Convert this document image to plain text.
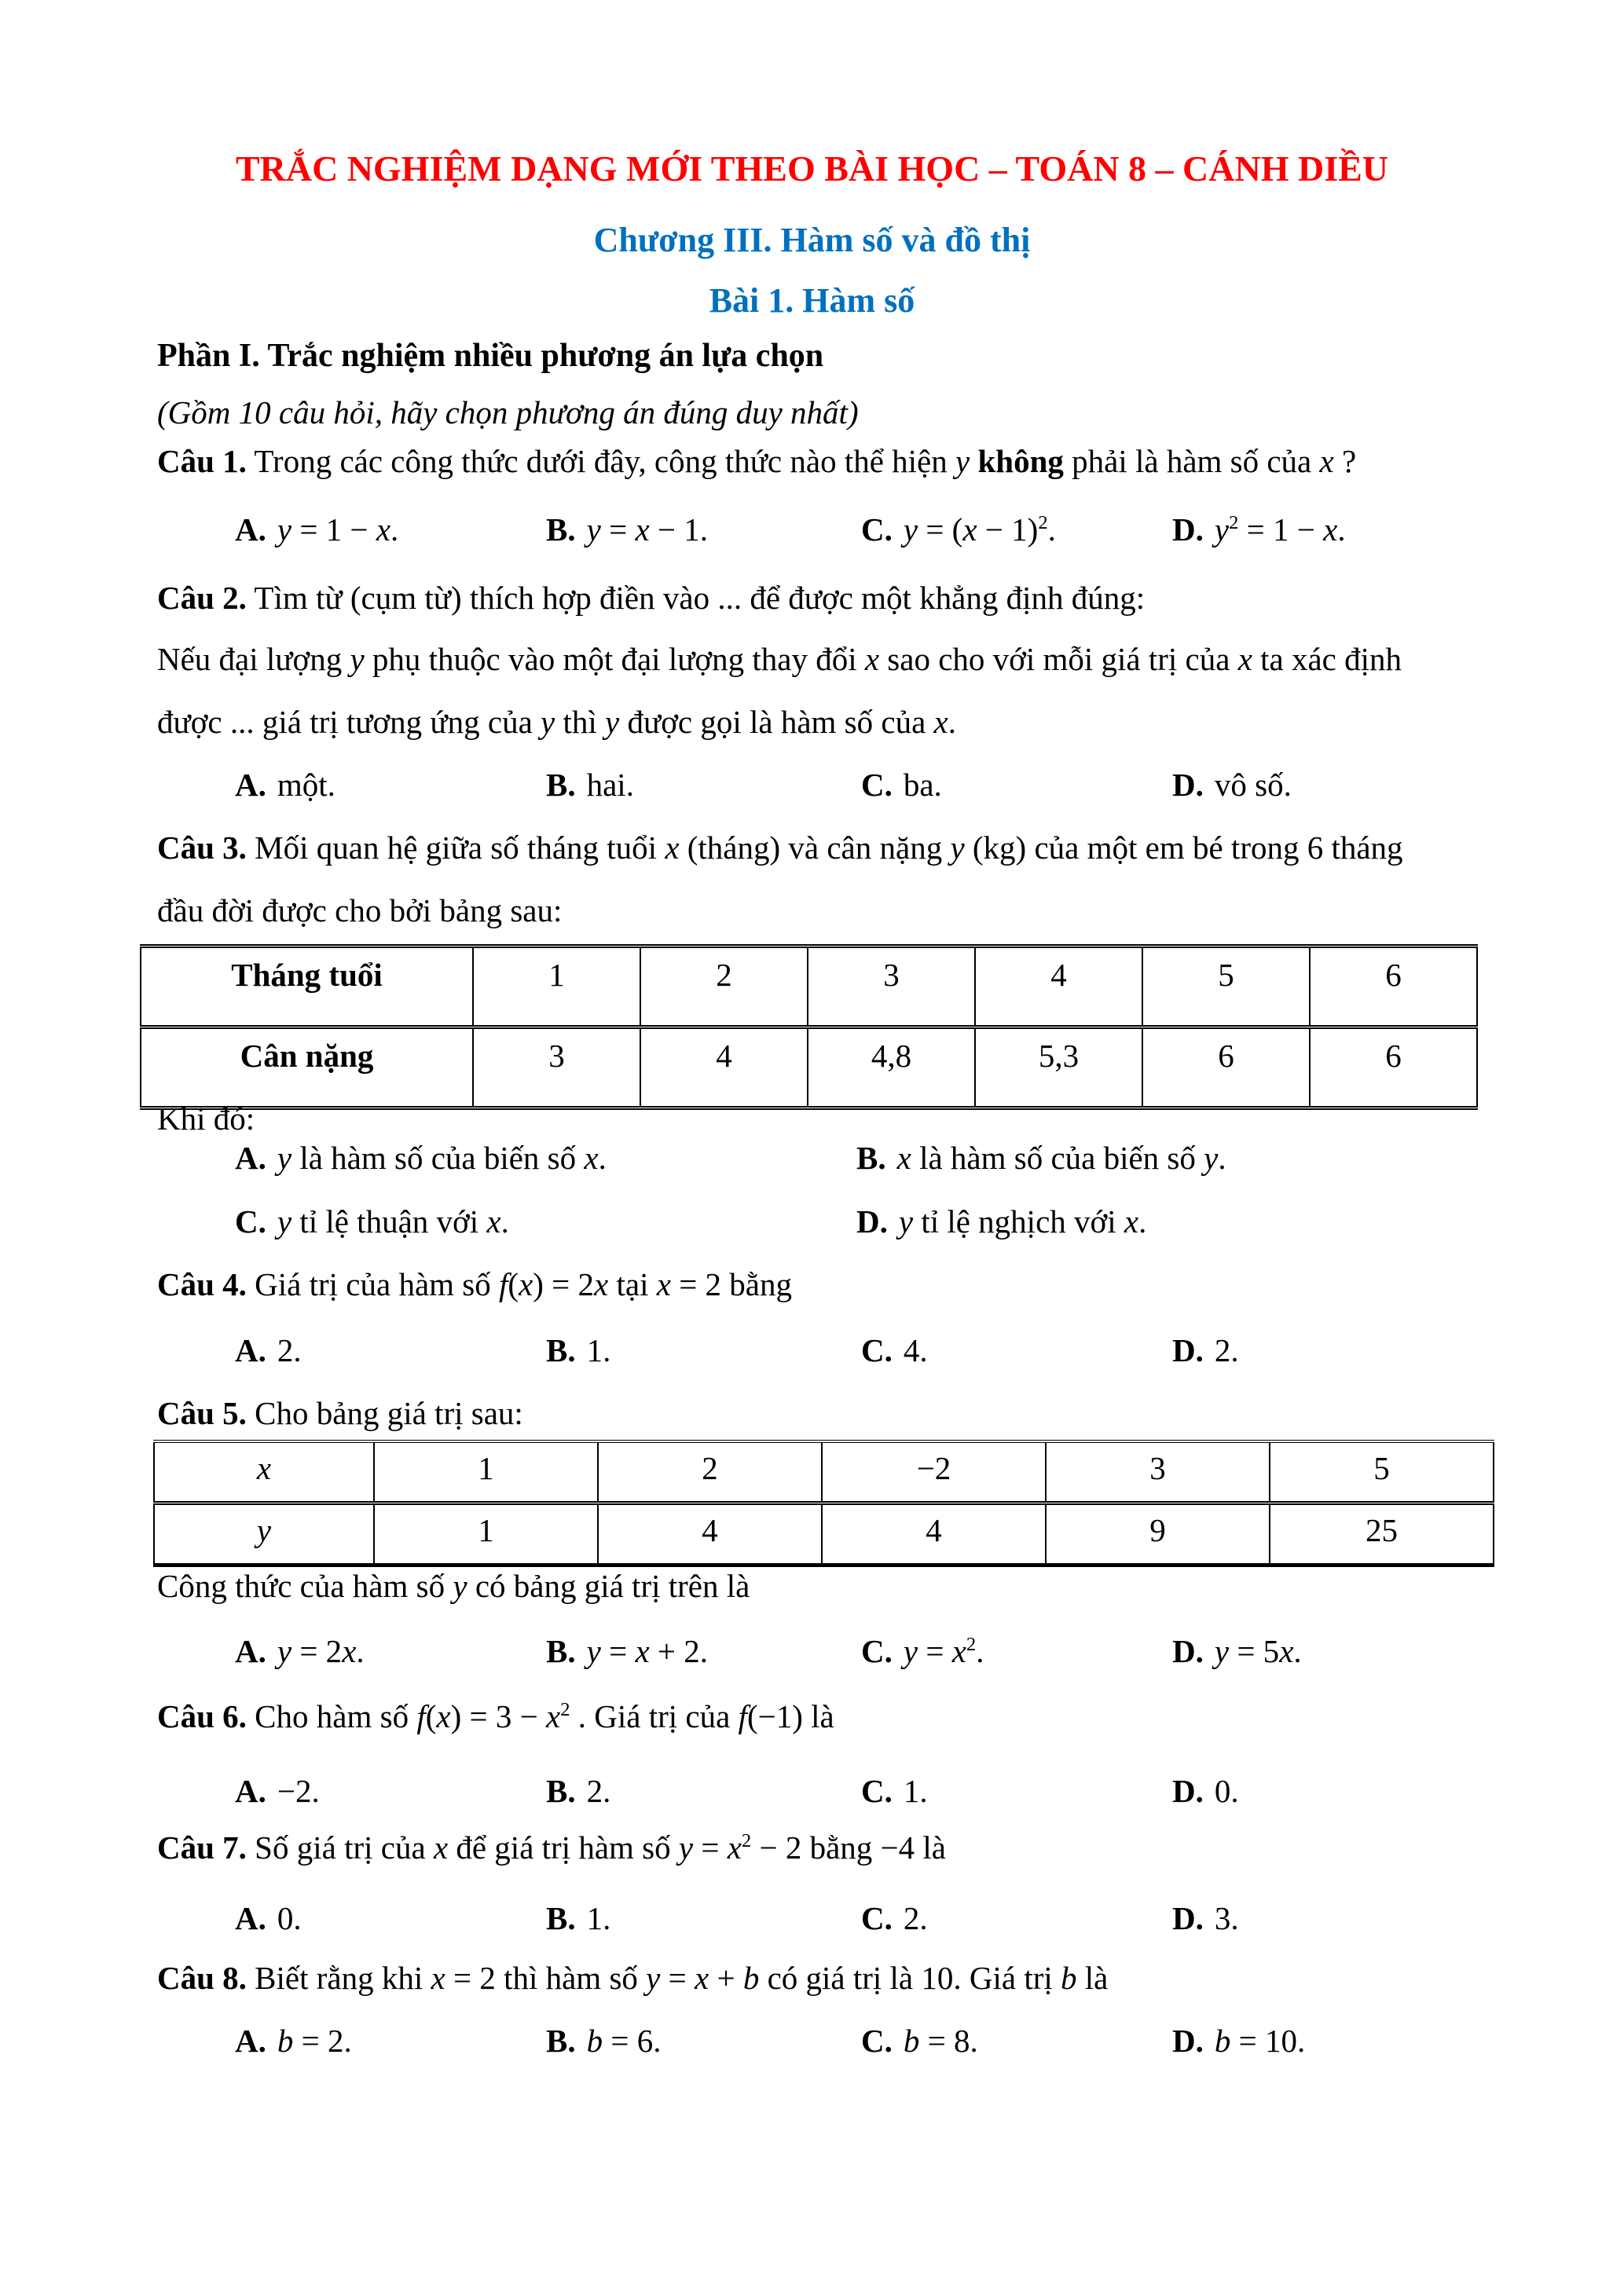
TRẮC NGHIỆM DẠNG MỚI THEO BÀI HỌC – TOÁN 8 – CÁNH DIỀU
Chương III. Hàm số và đồ thị
Bài 1. Hàm số
Phần I. Trắc nghiệm nhiều phương án lựa chọn
(Gồm 10 câu hỏi, hãy chọn phương án đúng duy nhất)
Câu 1. Trong các công thức dưới đây, công thức nào thể hiện y không phải là hàm số của x ?
A. y = 1 − x.	B. y = x − 1.	C. $y = (x - 1)^2$.	D. $y^2 = 1 - x$.
Câu 2. Tìm từ (cụm từ) thích hợp điền vào ... để được một khẳng định đúng:
Nếu đại lượng y phụ thuộc vào một đại lượng thay đổi x sao cho với mỗi giá trị của x ta xác định
được ... giá trị tương ứng của y thì y được gọi là hàm số của x.
A. một.	B. hai.	C. ba.	D. vô số.
Câu 3. Mối quan hệ giữa số tháng tuổi x (tháng) và cân nặng y (kg) của một em bé trong 6 tháng
đầu đời được cho bởi bảng sau:
Tháng tuổi	1	2	3	4	5	6
Cân nặng	3	4	4,8	5,3	6	6
Khi đó:
A. y là hàm số của biến số x.	B. x là hàm số của biến số y.
C. y tỉ lệ thuận với x.	D. y tỉ lệ nghịch với x.
Câu 4. Giá trị của hàm số f(x) = 2x tại x = 2 bằng
A. 2.	B. 1.	C. 4.	D. 2.
Câu 5. Cho bảng giá trị sau:
x	1	2	−2	3	5
y	1	4	4	9	25
Công thức của hàm số y có bảng giá trị trên là
A. y = 2x.	B. y = x + 2.	C. $y = x^2$.	D. y = 5x.
Câu 6. Cho hàm số $f(x) = 3 - x^2$ . Giá trị của f(−1) là
A. −2.	B. 2.	C. 1.	D. 0.
Câu 7. Số giá trị của x để giá trị hàm số $y = x^2 - 2$ bằng −4 là
A. 0.	B. 1.	C. 2.	D. 3.
Câu 8. Biết rằng khi x = 2 thì hàm số y = x + b có giá trị là 10. Giá trị b là
A. b = 2.	B. b = 6.	C. b = 8.	D. b = 10.
